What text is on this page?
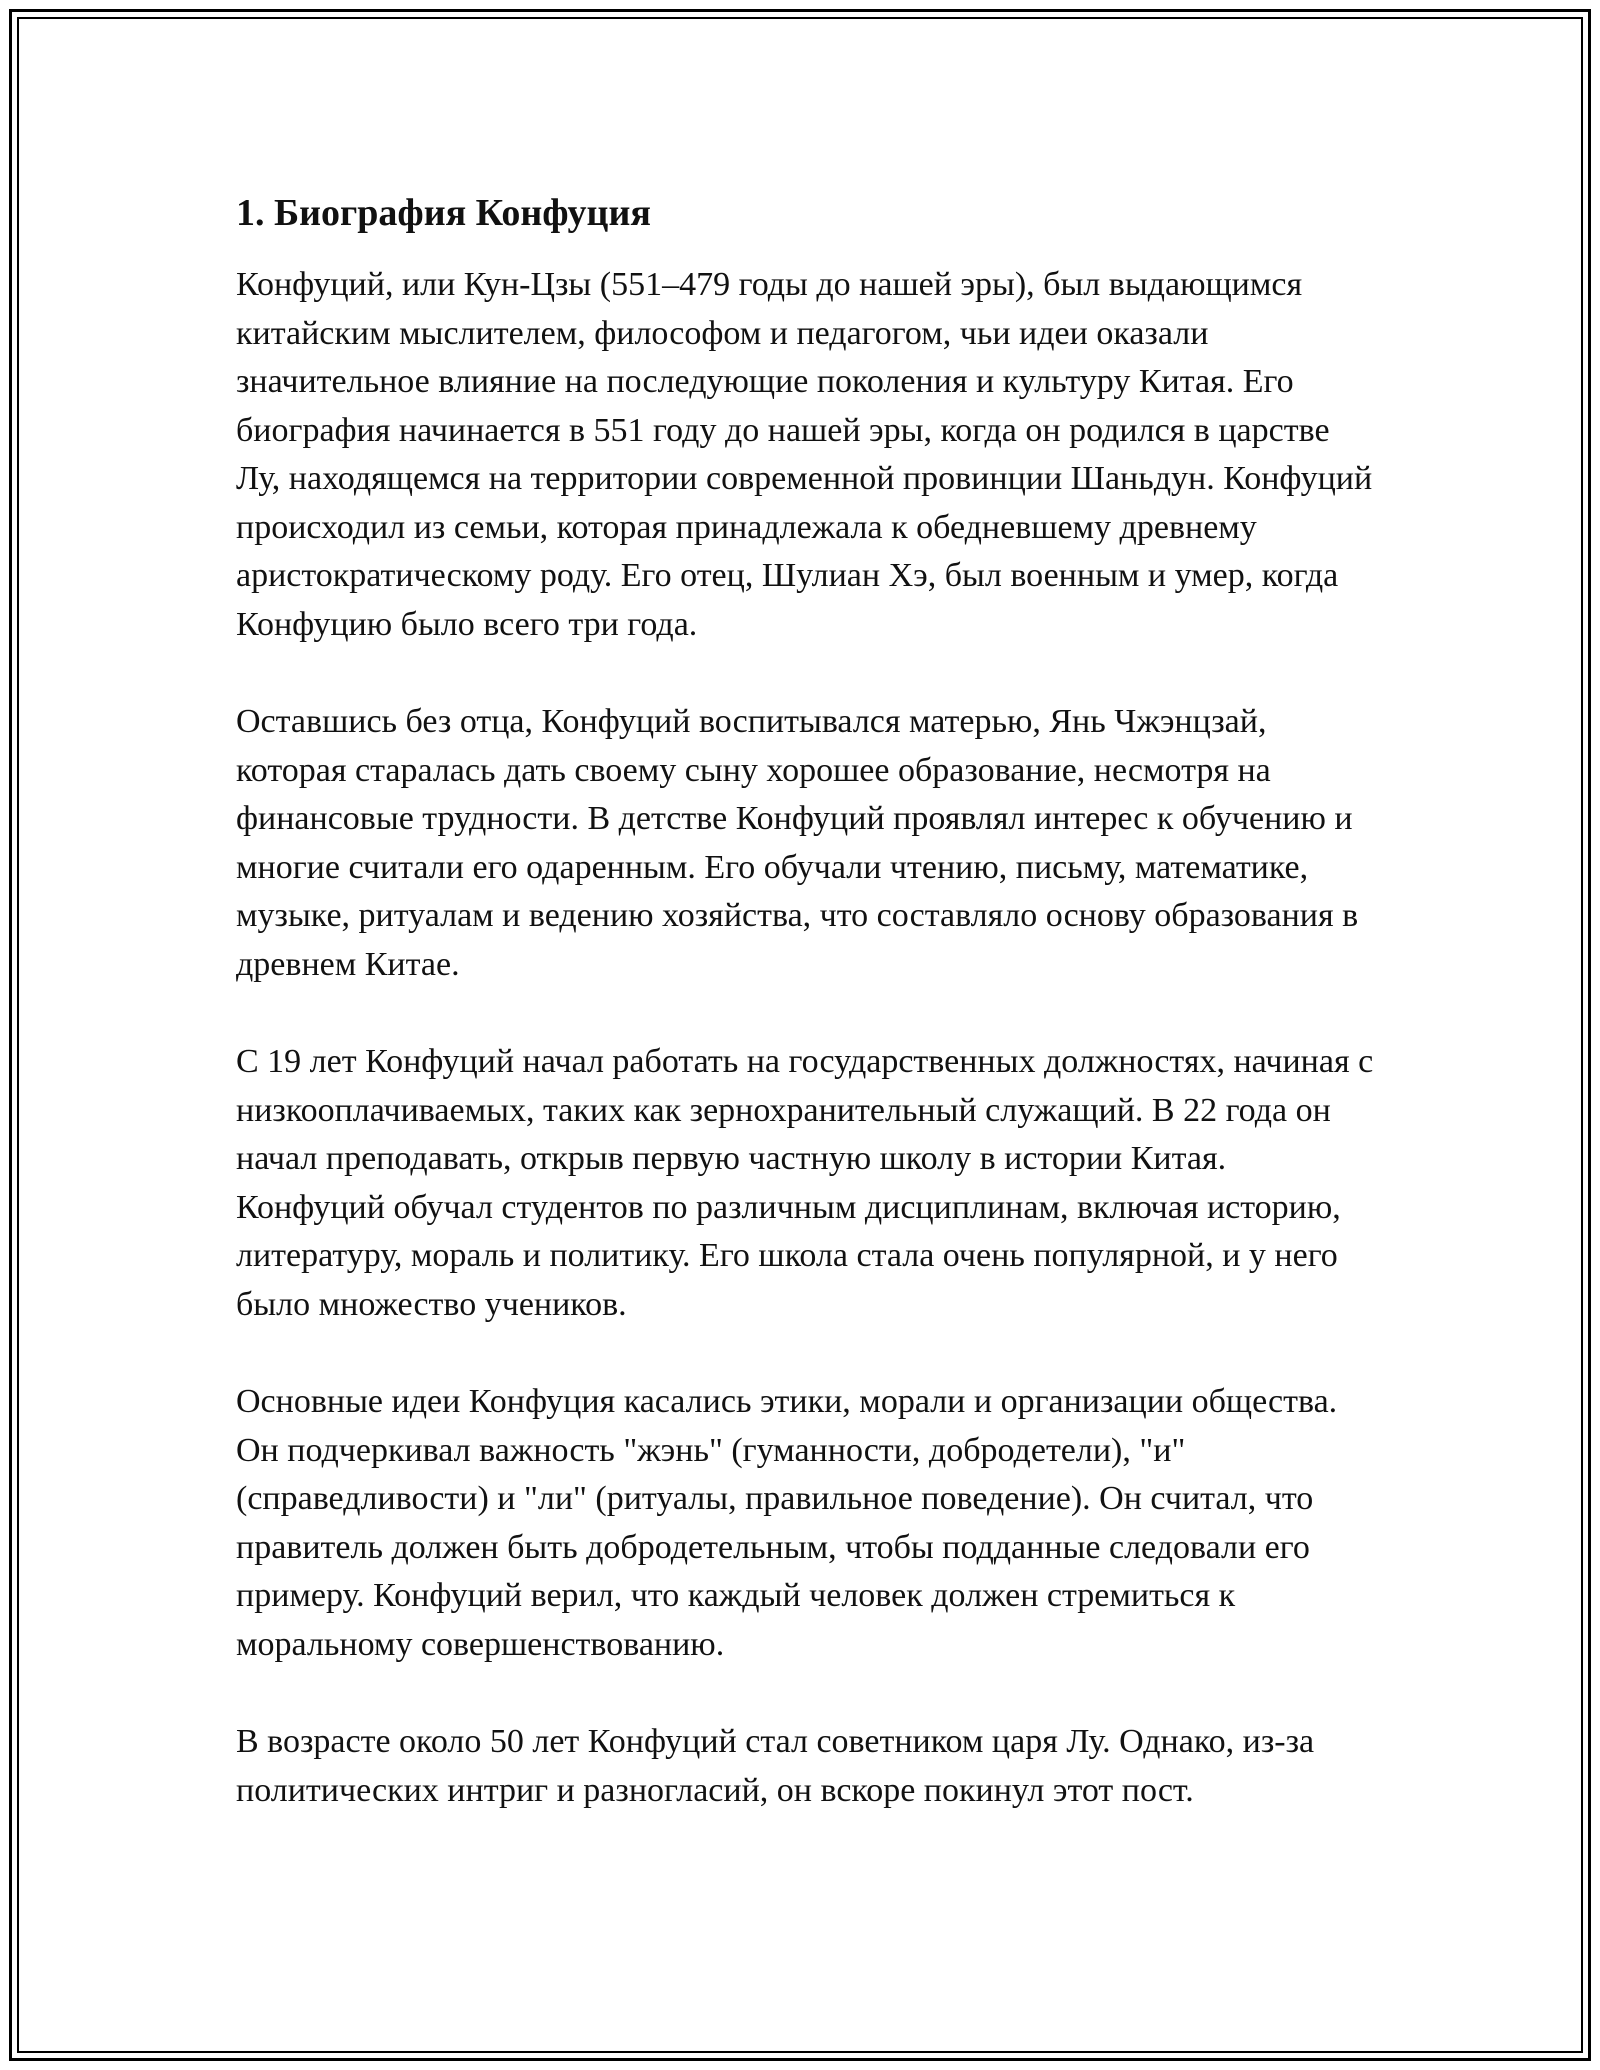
1. Биография Конфуция

Конфуций, или Кун-Цзы (551–479 годы до нашей эры), был выдающимся китайским мыслителем, философом и педагогом, чьи идеи оказали значительное влияние на последующие поколения и культуру Китая. Его биография начинается в 551 году до нашей эры, когда он родился в царстве Лу, находящемся на территории современной провинции Шаньдун. Конфуций происходил из семьи, которая принадлежала к обедневшему древнему аристократическому роду. Его отец, Шулиан Хэ, был военным и умер, когда Конфуцию было всего три года.

Оставшись без отца, Конфуций воспитывался матерью, Янь Чжэнцзай, которая старалась дать своему сыну хорошее образование, несмотря на финансовые трудности. В детстве Конфуций проявлял интерес к обучению и многие считали его одаренным. Его обучали чтению, письму, математике, музыке, ритуалам и ведению хозяйства, что составляло основу образования в древнем Китае.

С 19 лет Конфуций начал работать на государственных должностях, начиная с низкооплачиваемых, таких как зернохранительный служащий. В 22 года он начал преподавать, открыв первую частную школу в истории Китая. Конфуций обучал студентов по различным дисциплинам, включая историю, литературу, мораль и политику. Его школа стала очень популярной, и у него было множество учеников.

Основные идеи Конфуция касались этики, морали и организации общества. Он подчеркивал важность "жэнь" (гуманности, добродетели), "и" (справедливости) и "ли" (ритуалы, правильное поведение). Он считал, что правитель должен быть добродетельным, чтобы подданные следовали его примеру. Конфуций верил, что каждый человек должен стремиться к моральному совершенствованию.

В возрасте около 50 лет Конфуций стал советником царя Лу. Однако, из-за политических интриг и разногласий, он вскоре покинул этот пост.
